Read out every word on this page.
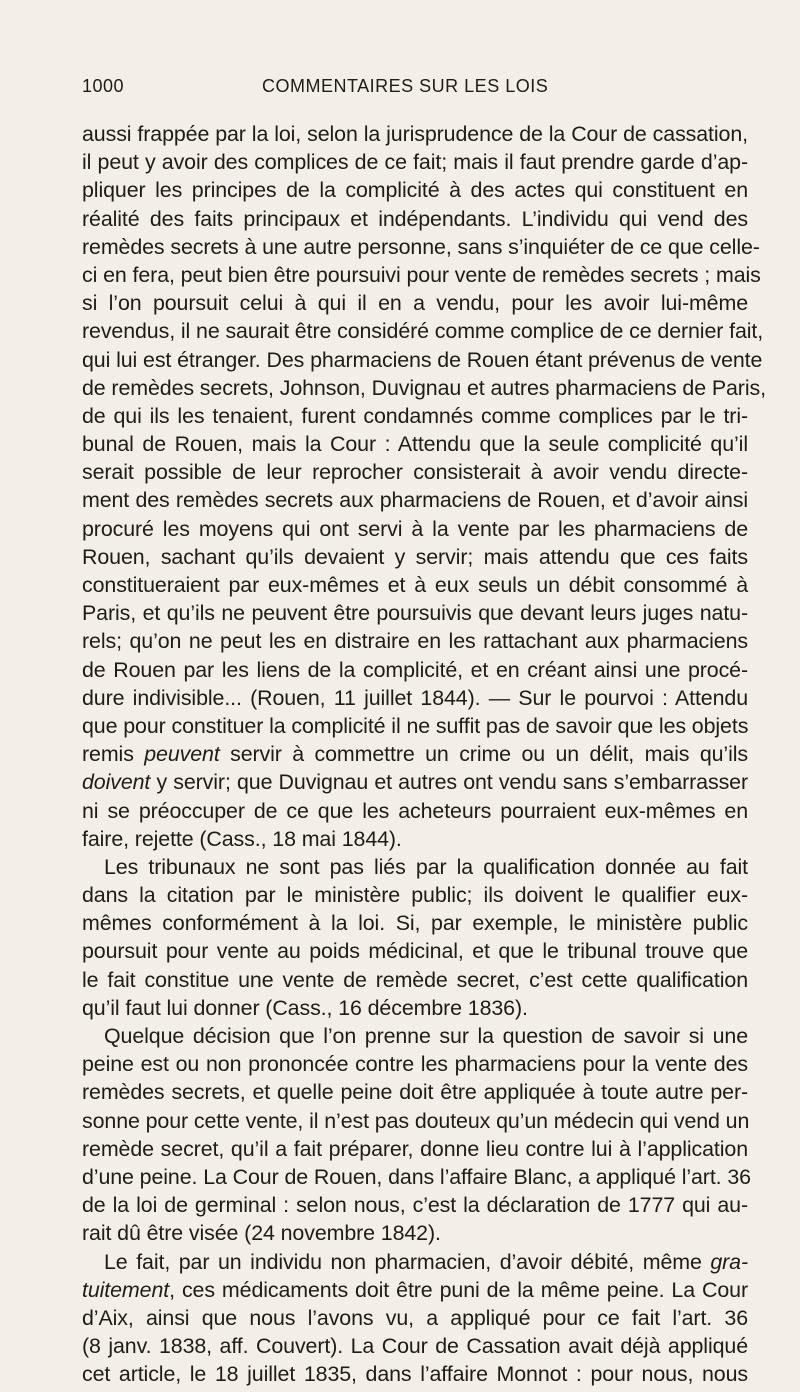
1000	COMMENTAIRES SUR LES LOIS
aussi frappée par la loi, selon la jurisprudence de la Cour de cassation,
il peut y avoir des complices de ce fait; mais il faut prendre garde d’ap-
pliquer les principes de la complicité à des actes qui constituent en
réalité des faits principaux et indépendants. L’individu qui vend des
remèdes secrets à une autre personne, sans s’inquiéter de ce que celle-
ci en fera, peut bien être poursuivi pour vente de remèdes secrets ; mais
si l’on poursuit celui à qui il en a vendu, pour les avoir lui-même
revendus, il ne saurait être considéré comme complice de ce dernier fait,
qui lui est étranger. Des pharmaciens de Rouen étant prévenus de vente
de remèdes secrets, Johnson, Duvignau et autres pharmaciens de Paris,
de qui ils les tenaient, furent condamnés comme complices par le tri-
bunal de Rouen, mais la Cour : Attendu que la seule complicité qu’il
serait possible de leur reprocher consisterait à avoir vendu directe-
ment des remèdes secrets aux pharmaciens de Rouen, et d’avoir ainsi
procuré les moyens qui ont servi à la vente par les pharmaciens de
Rouen, sachant qu’ils devaient y servir; mais attendu que ces faits
constitueraient par eux-mêmes et à eux seuls un débit consommé à
Paris, et qu’ils ne peuvent être poursuivis que devant leurs juges natu-
rels; qu’on ne peut les en distraire en les rattachant aux pharmaciens
de Rouen par les liens de la complicité, et en créant ainsi une procé-
dure indivisible... (Rouen, 11 juillet 1844). — Sur le pourvoi : Attendu
que pour constituer la complicité il ne suffit pas de savoir que les objets
remis peuvent servir à commettre un crime ou un délit, mais qu’ils
doivent y servir; que Duvignau et autres ont vendu sans s’embarrasser
ni se préoccuper de ce que les acheteurs pourraient eux-mêmes en
faire, rejette (Cass., 18 mai 1844).
Les tribunaux ne sont pas liés par la qualification donnée au fait
dans la citation par le ministère public; ils doivent le qualifier eux-
mêmes conformément à la loi. Si, par exemple, le ministère public
poursuit pour vente au poids médicinal, et que le tribunal trouve que
le fait constitue une vente de remède secret, c’est cette qualification
qu’il faut lui donner (Cass., 16 décembre 1836).
Quelque décision que l’on prenne sur la question de savoir si une
peine est ou non prononcée contre les pharmaciens pour la vente des
remèdes secrets, et quelle peine doit être appliquée à toute autre per-
sonne pour cette vente, il n’est pas douteux qu’un médecin qui vend un
remède secret, qu’il a fait préparer, donne lieu contre lui à l’application
d’une peine. La Cour de Rouen, dans l’affaire Blanc, a appliqué l’art. 36
de la loi de germinal : selon nous, c’est la déclaration de 1777 qui au-
rait dû être visée (24 novembre 1842).
Le fait, par un individu non pharmacien, d’avoir débité, même gra-
tuitement, ces médicaments doit être puni de la même peine. La Cour
d’Aix, ainsi que nous l’avons vu, a appliqué pour ce fait l’art. 36
(8 janv. 1838, aff. Couvert). La Cour de Cassation avait déjà appliqué
cet article, le 18 juillet 1835, dans l’affaire Monnot : pour nous, nous
